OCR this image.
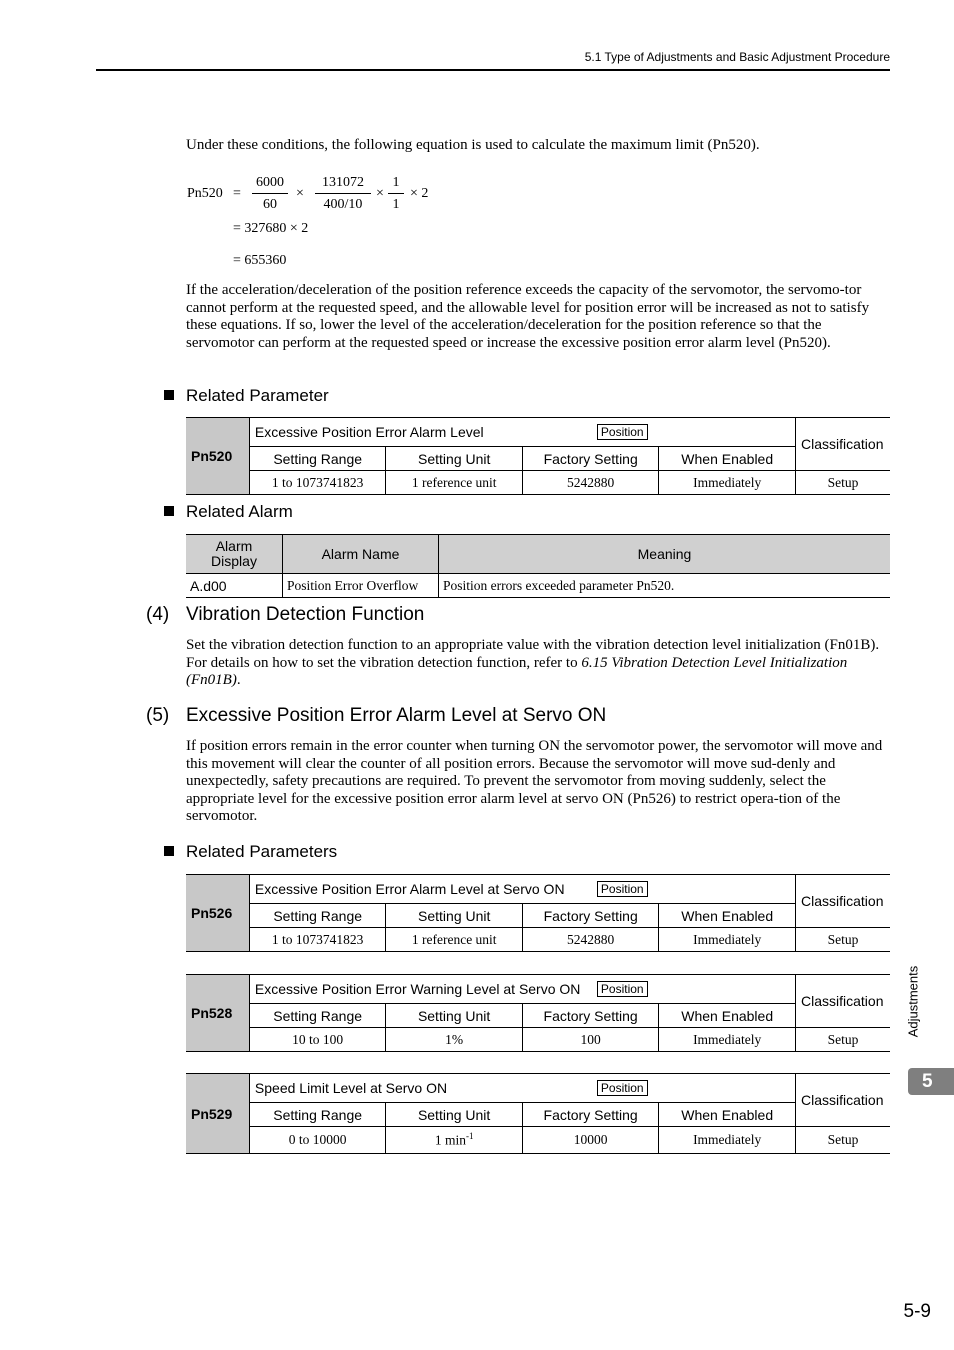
5.1 Type of Adjustments and Basic Adjustment Procedure
Under these conditions, the following equation is used to calculate the maximum limit (Pn520).
$Pn520 = \frac{6000}{60} \times \frac{131072}{400/10} \times \frac{1}{1} \times 2$
= 327680 × 2
= 655360
If the acceleration/deceleration of the position reference exceeds the capacity of the servomotor, the servomo-tor cannot perform at the requested speed, and the allowable level for position error will be increased as not to satisfy these equations. If so, lower the level of the acceleration/deceleration for the position reference so that the servomotor can perform at the requested speed or increase the excessive position error alarm level (Pn520).
Related Parameter
Pn520	Excessive Position Error Alarm Level Position				Classification
	Setting Range	Setting Unit	Factory Setting	When Enabled	
	1 to 1073741823	1 reference unit	5242880	Immediately	Setup
Related Alarm
Alarm
Display	Alarm Name	Meaning
A.d00	Position Error Overflow	Position errors exceeded parameter Pn520.
(4) Vibration Detection Function
Set the vibration detection function to an appropriate value with the vibration detection level initialization (Fn01B). For details on how to set the vibration detection function, refer to 6.15 Vibration Detection Level Initialization (Fn01B).
(5) Excessive Position Error Alarm Level at Servo ON
If position errors remain in the error counter when turning ON the servomotor power, the servomotor will move and this movement will clear the counter of all position errors. Because the servomotor will move sud-denly and unexpectedly, safety precautions are required. To prevent the servomotor from moving suddenly, select the appropriate level for the excessive position error alarm level at servo ON (Pn526) to restrict opera-tion of the servomotor.
Related Parameters
Pn526	Excessive Position Error Alarm Level at Servo ON Position				Classification
	Setting Range	Setting Unit	Factory Setting	When Enabled	
	1 to 1073741823	1 reference unit	5242880	Immediately	Setup
Pn528	Excessive Position Error Warning Level at Servo ON Position				Classification
	Setting Range	Setting Unit	Factory Setting	When Enabled	
	10 to 100	1%	100	Immediately	Setup
Pn529	Speed Limit Level at Servo ON Position				Classification
	Setting Range	Setting Unit	Factory Setting	When Enabled	
	0 to 10000	1 $\min^{-1}$	10000	Immediately	Setup
Adjustments
5
5-9
